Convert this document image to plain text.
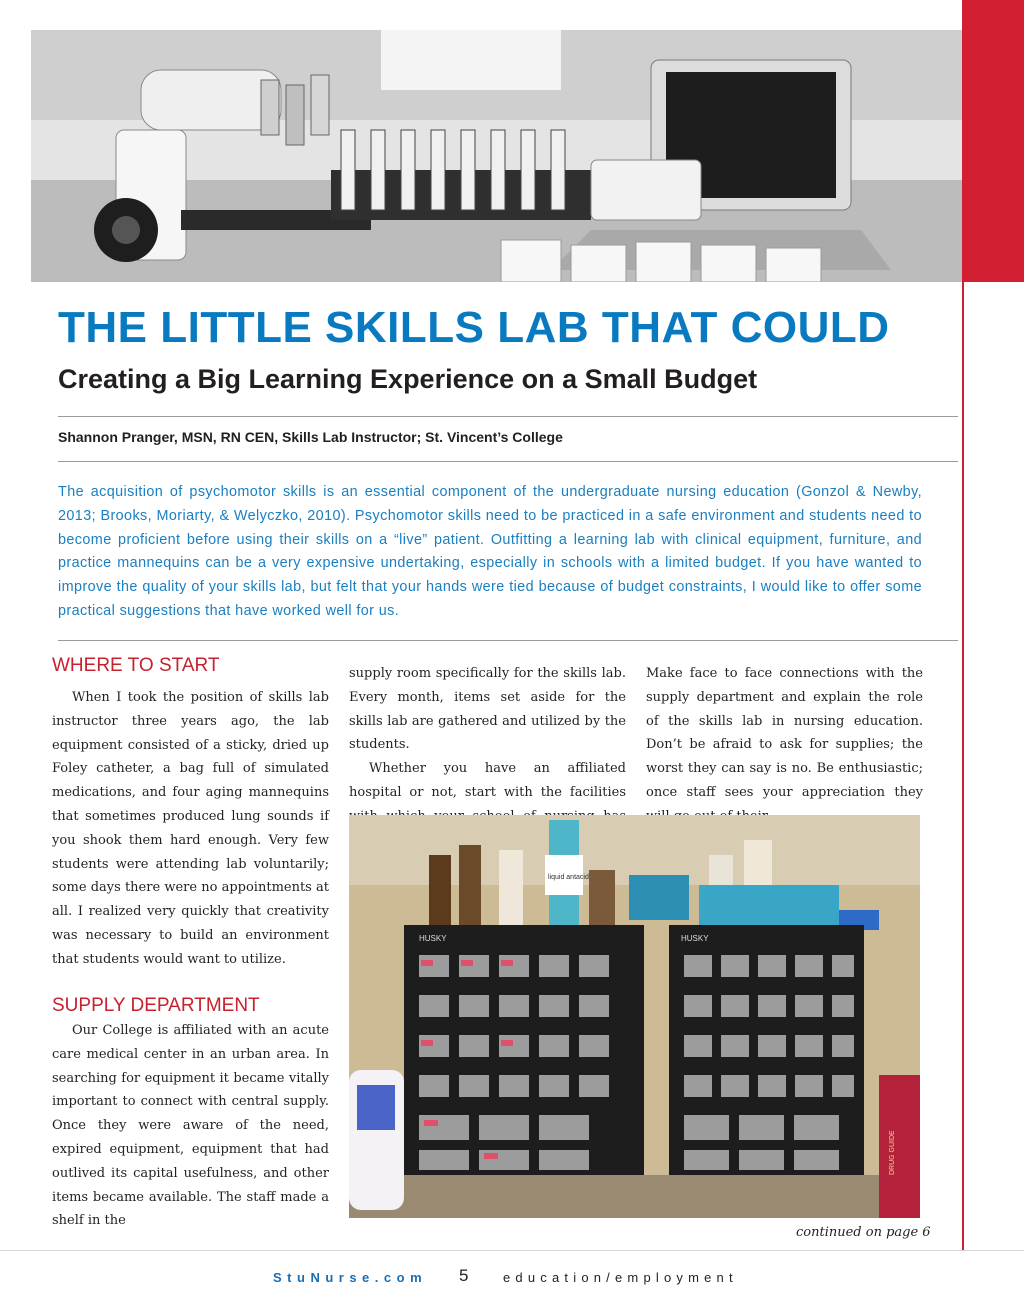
THE LITTLE SKILLS LAB THAT COULD
Creating a Big Learning Experience on a Small Budget
Shannon Pranger, MSN, RN CEN, Skills Lab Instructor; St. Vincent’s College
The acquisition of psychomotor skills is an essential component of the undergraduate nursing education (Gonzol & Newby, 2013; Brooks, Moriarty, & Welyczko, 2010). Psychomotor skills need to be practiced in a safe environment and students need to become proficient before using their skills on a “live” patient. Outfitting a learning lab with clinical equipment, furniture, and practice mannequins can be a very expensive undertaking, especially in schools with a limited budget. If you have wanted to improve the quality of your skills lab, but felt that your hands were tied because of budget constraints, I would like to offer some practical suggestions that have worked well for us.
WHERE TO START

When I took the position of skills lab instructor three years ago, the lab equipment consisted of a sticky, dried up Foley catheter, a bag full of simulated medications, and four aging mannequins that sometimes produced lung sounds if you shook them hard enough. Very few students were attending lab voluntarily; some days there were no appointments at all. I realized very quickly that creativity was necessary to build an environment that students would want to utilize.

SUPPLY DEPARTMENT

Our College is affiliated with an acute care medical center in an urban area. In searching for equipment it became vitally important to connect with central supply. Once they were aware of the need, expired equipment, equipment that had outlived its capital usefulness, and other items became available. The staff made a shelf in the

supply room specifically for the skills lab. Every month, items set aside for the skills lab are gathered and utilized by the students.

Whether you have an affiliated hospital or not, start with the facilities

Make face to face connections with the supply department and explain the role of the skills lab in nursing education. Don’t be afraid to ask for supplies; the worst they can say is no. Be enthusiastic; once staff sees your appreciation they

liquid antacid
HUSKY	HUSKY
DRUG GUIDE
continued on page 6
StuNurse.com 5	education/employment
